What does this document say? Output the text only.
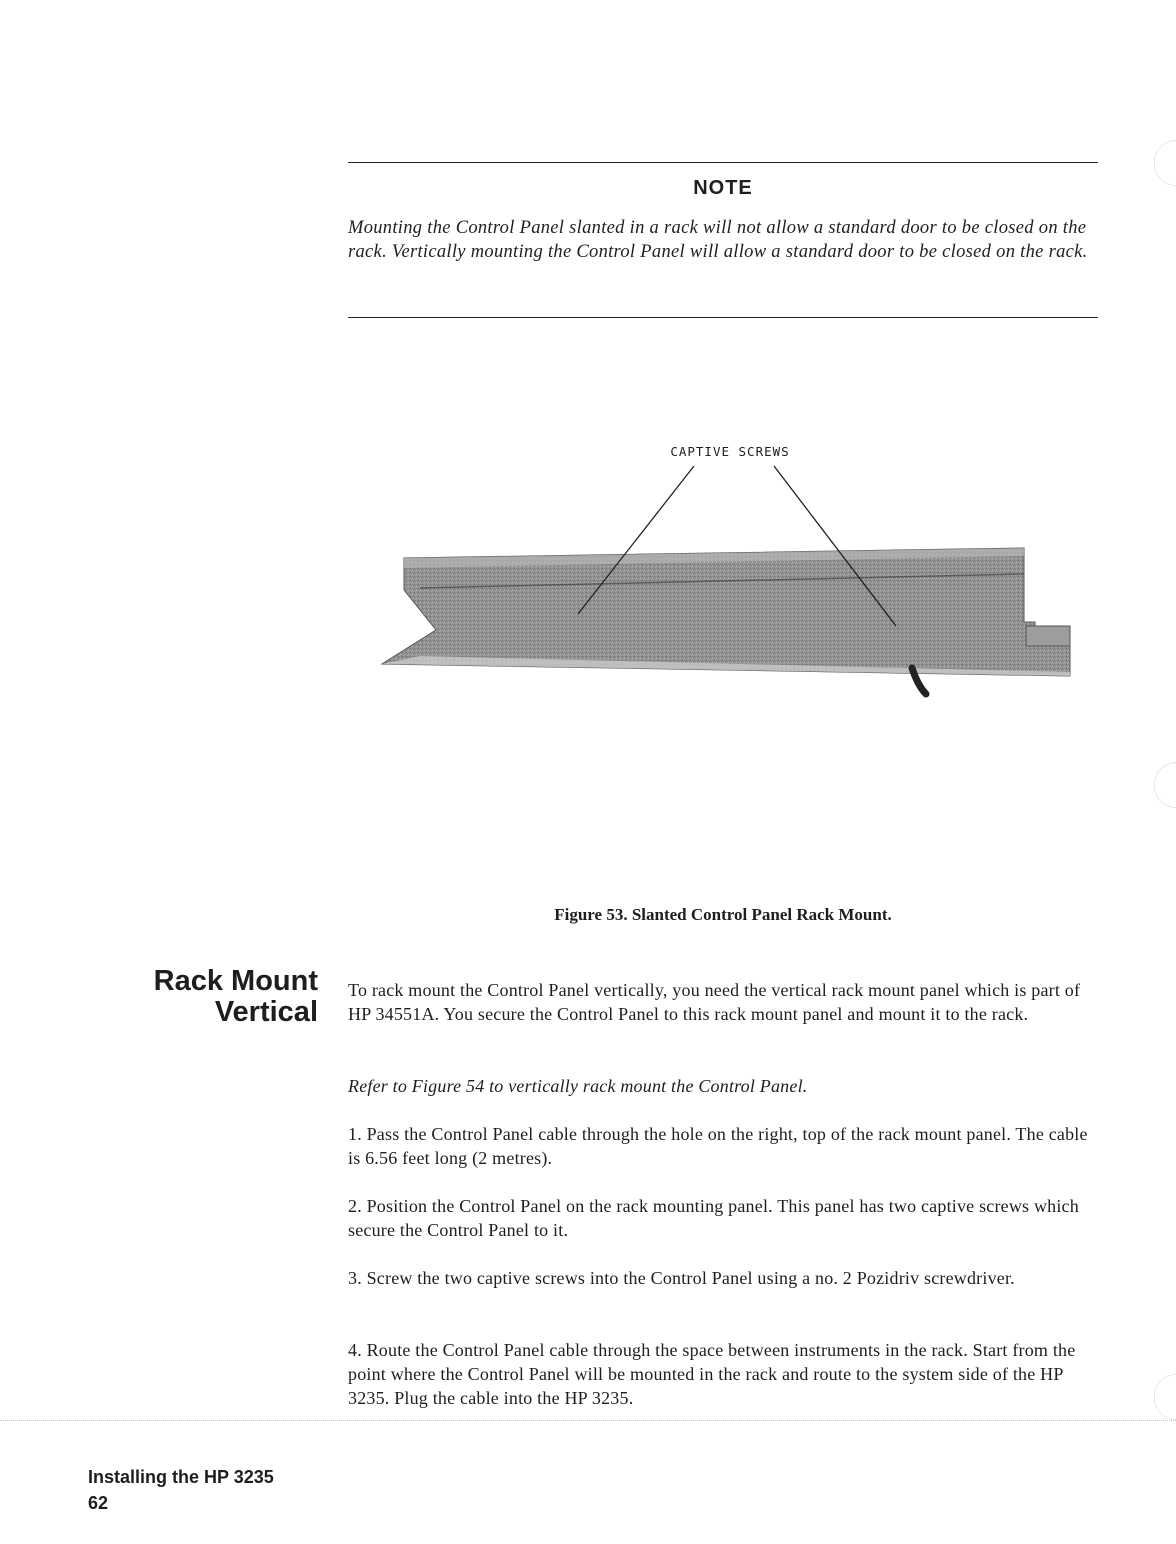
NOTE
Mounting the Control Panel slanted in a rack will not allow a standard door to be closed on the rack. Vertically mounting the Control Panel will allow a standard door to be closed on the rack.
CAPTIVE SCREWS
Figure 53. Slanted Control Panel Rack Mount.
Rack Mount
Vertical
To rack mount the Control Panel vertically, you need the vertical rack mount panel which is part of HP 34551A. You secure the Control Panel to this rack mount panel and mount it to the rack.
Refer to Figure 54 to vertically rack mount the Control Panel.
1. Pass the Control Panel cable through the hole on the right, top of the rack mount panel. The cable is 6.56 feet long (2 metres).
2. Position the Control Panel on the rack mounting panel. This panel has two captive screws which secure the Control Panel to it.
3. Screw the two captive screws into the Control Panel using a no. 2 Pozidriv screwdriver.
4. Route the Control Panel cable through the space between instruments in the rack. Start from the point where the Control Panel will be mounted in the rack and route to the system side of the HP 3235. Plug the cable into the HP 3235.
Installing the HP 3235
62
